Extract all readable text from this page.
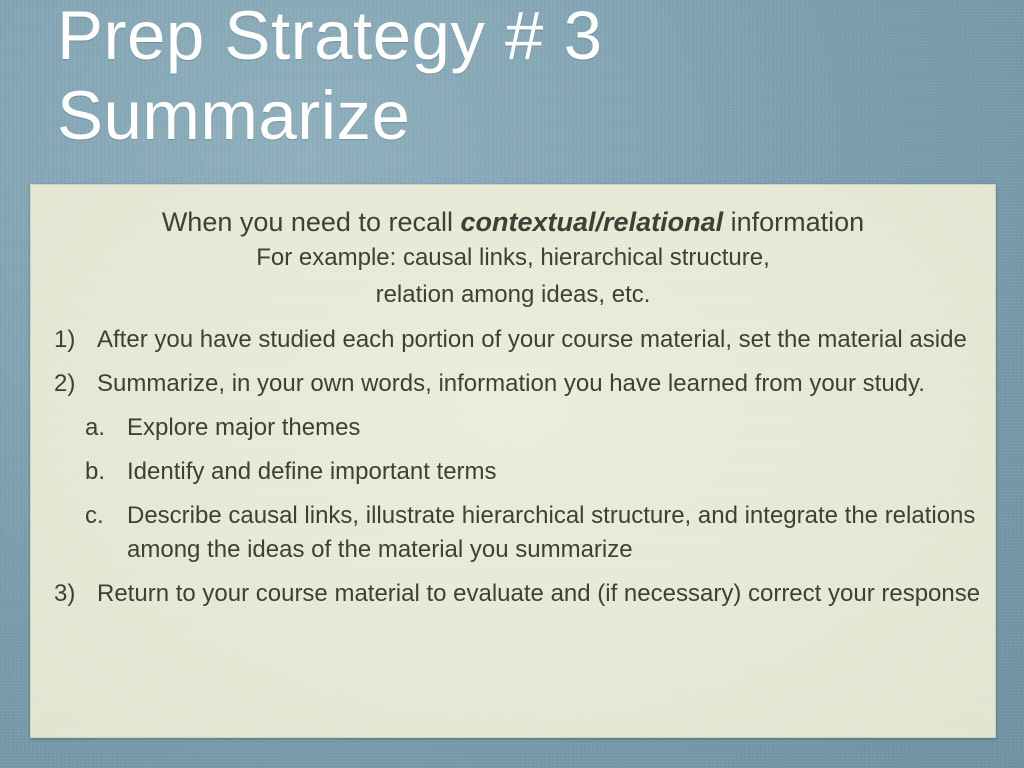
Prep Strategy # 3
Summarize
When you need to recall contextual/relational information
For example: causal links, hierarchical structure,
relation among ideas, etc.
1) After you have studied each portion of your course material, set the material aside
2) Summarize, in your own words, information you have learned from your study.
a. Explore major themes
b. Identify and define important terms
c. Describe causal links, illustrate hierarchical structure, and integrate the relations among the ideas of the material you summarize
3) Return to your course material to evaluate and (if necessary) correct your response
